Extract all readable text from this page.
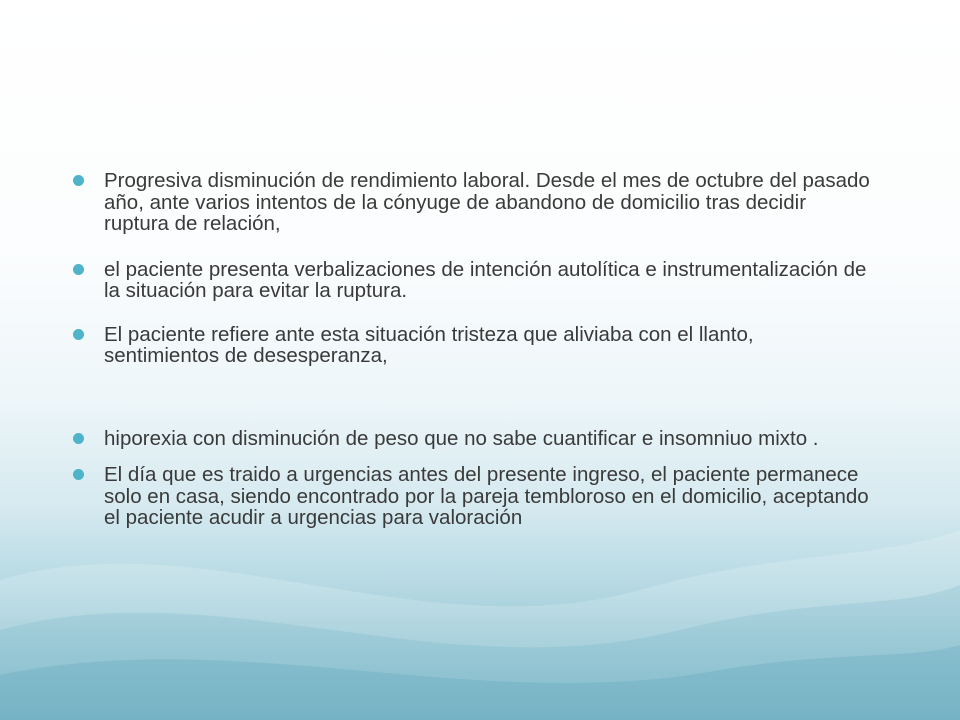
Progresiva disminución de rendimiento laboral. Desde el mes de octubre del pasado año, ante varios intentos de la cónyuge de abandono de domicilio tras decidir ruptura de relación,
el paciente presenta verbalizaciones de intención autolítica e instrumentalización de la situación para evitar la ruptura.
El paciente refiere ante esta situación tristeza que aliviaba con el llanto, sentimientos de desesperanza,
hiporexia con disminución de peso que no sabe cuantificar e insomniuo mixto .
El día que es traido a urgencias antes del presente ingreso, el paciente permanece solo en casa, siendo encontrado por la pareja tembloroso en el domicilio, aceptando el paciente acudir a urgencias para valoración
